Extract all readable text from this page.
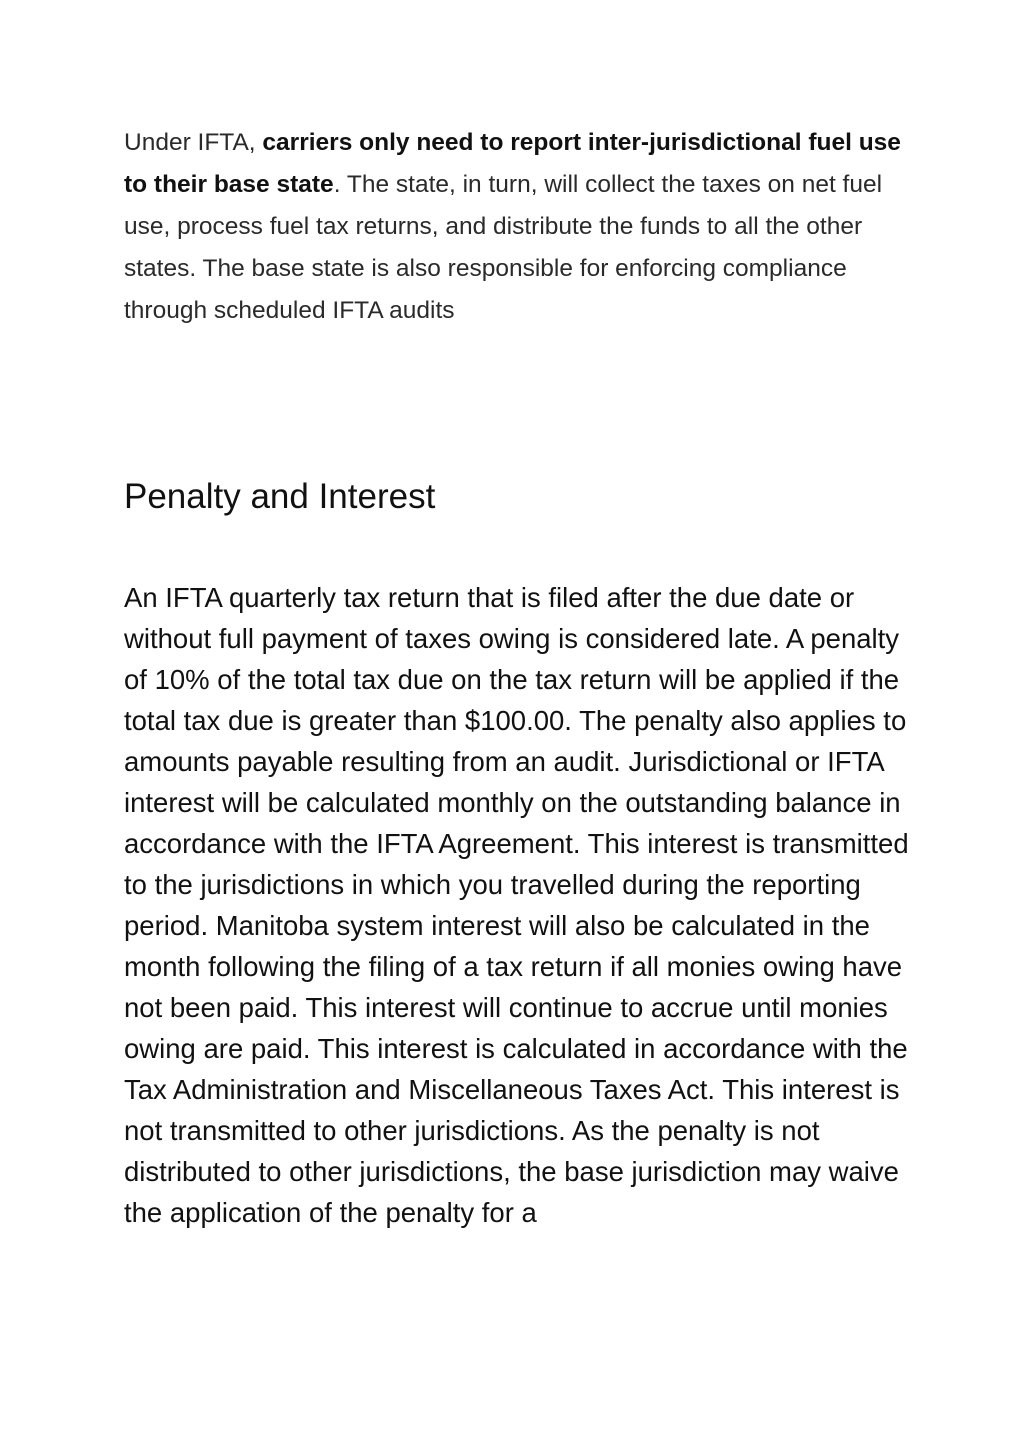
Under IFTA, carriers only need to report inter-jurisdictional fuel use to their base state. The state, in turn, will collect the taxes on net fuel use, process fuel tax returns, and distribute the funds to all the other states. The base state is also responsible for enforcing compliance through scheduled IFTA audits

Penalty and Interest

An IFTA quarterly tax return that is filed after the due date or without full payment of taxes owing is considered late. A penalty of 10% of the total tax due on the tax return will be applied if the total tax due is greater than $100.00. The penalty also applies to amounts payable resulting from an audit. Jurisdictional or IFTA interest will be calculated monthly on the outstanding balance in accordance with the IFTA Agreement. This interest is transmitted to the jurisdictions in which you travelled during the reporting period. Manitoba system interest will also be calculated in the month following the filing of a tax return if all monies owing have not been paid. This interest will continue to accrue until monies owing are paid. This interest is calculated in accordance with the Tax Administration and Miscellaneous Taxes Act. This interest is not transmitted to other jurisdictions. As the penalty is not distributed to other jurisdictions, the base jurisdiction may waive the application of the penalty for a
